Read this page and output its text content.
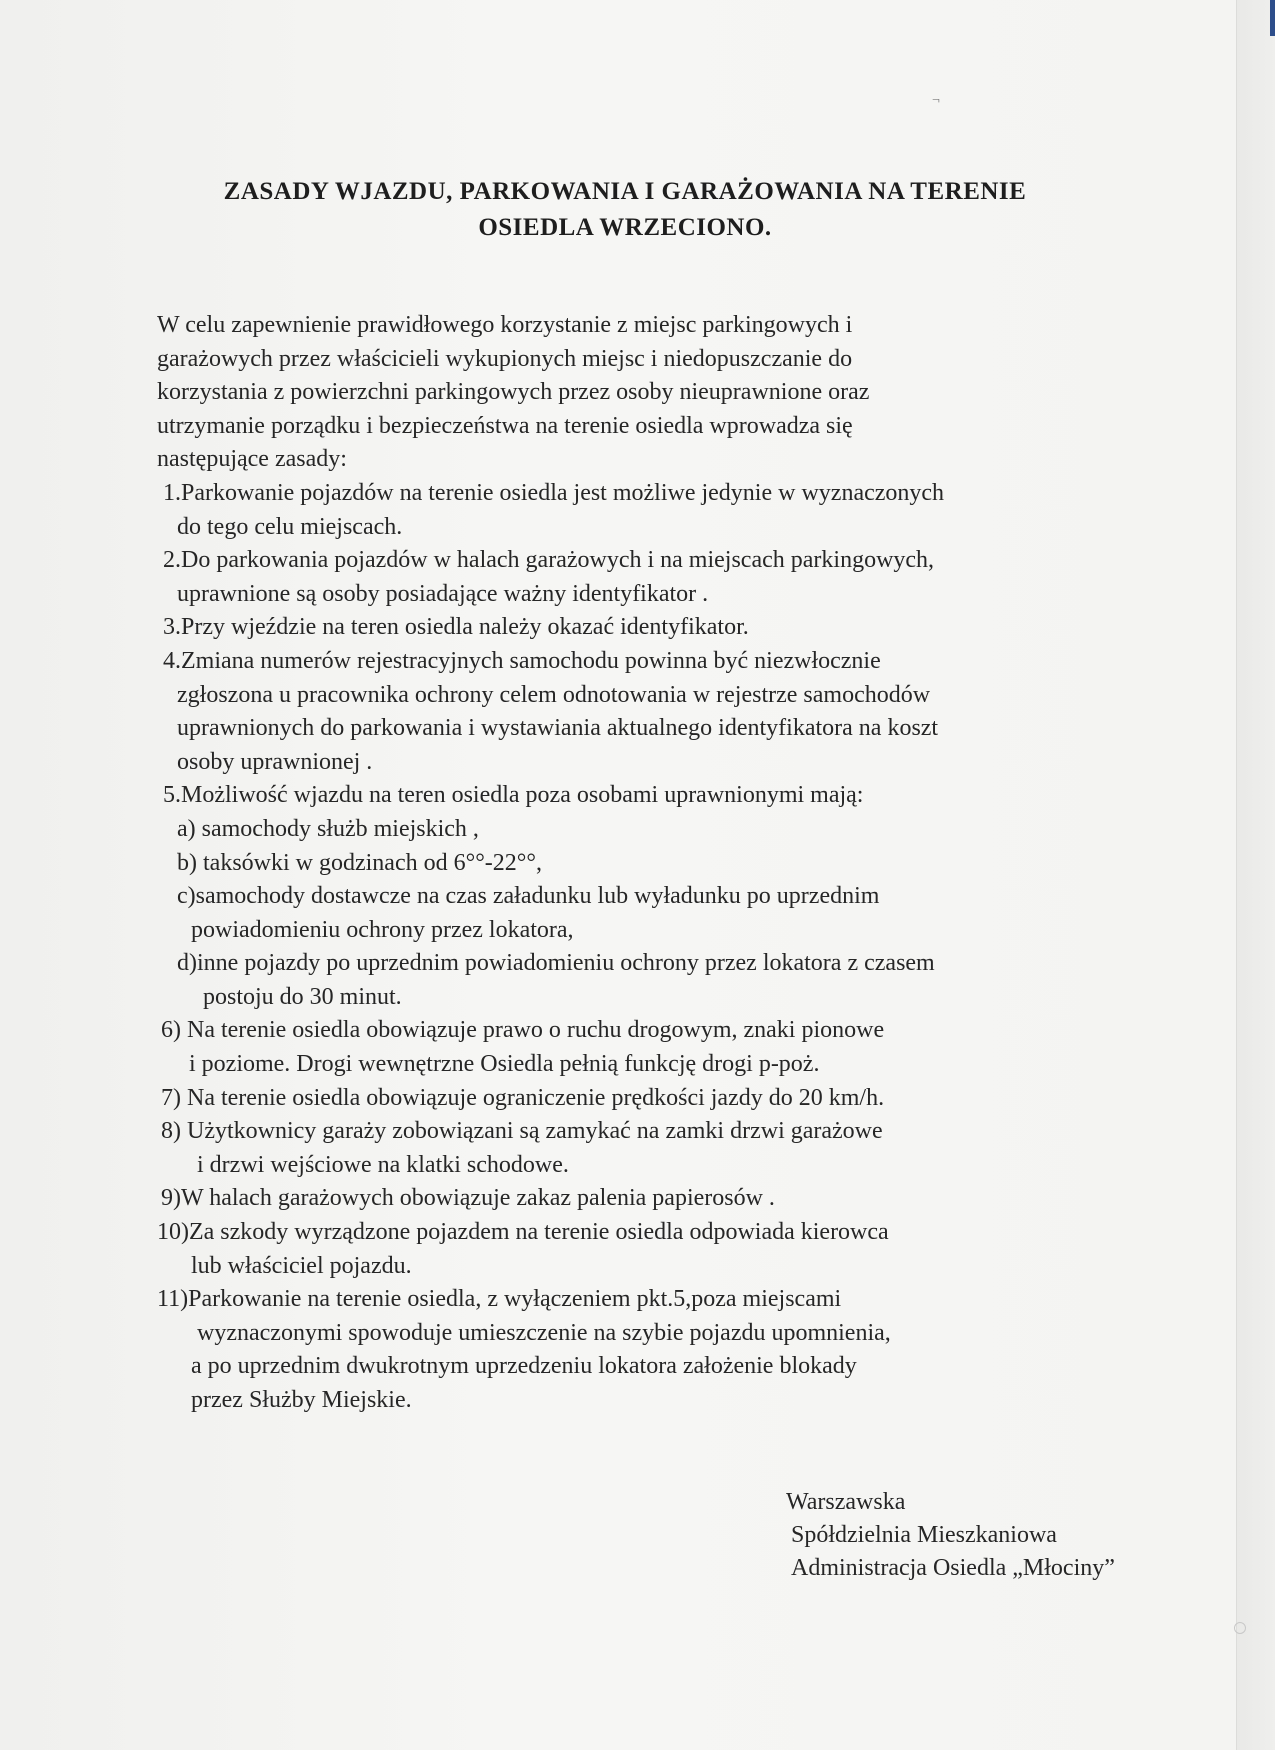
¬
ZASADY WJAZDU, PARKOWANIA I GARAŻOWANIA NA TERENIE
OSIEDLA WRZECIONO.
W celu zapewnienie prawidłowego korzystanie z miejsc parkingowych i
garażowych przez właścicieli wykupionych miejsc i niedopuszczanie do
korzystania z powierzchni parkingowych przez osoby nieuprawnione oraz
utrzymanie porządku i bezpieczeństwa na terenie osiedla wprowadza się
następujące zasady:
1.Parkowanie pojazdów na terenie osiedla jest możliwe jedynie w wyznaczonych
do tego celu miejscach.
2.Do parkowania pojazdów w halach garażowych i na miejscach parkingowych,
uprawnione są osoby posiadające ważny identyfikator .
3.Przy wjeździe na teren osiedla należy okazać identyfikator.
4.Zmiana numerów rejestracyjnych samochodu powinna być niezwłocznie
zgłoszona u pracownika ochrony celem odnotowania w rejestrze samochodów
uprawnionych do parkowania i wystawiania aktualnego identyfikatora na koszt
osoby uprawnionej .
5.Możliwość wjazdu na teren osiedla poza osobami uprawnionymi mają:
a) samochody służb miejskich ,
b) taksówki w godzinach od 6°°-22°°,
c)samochody dostawcze na czas załadunku lub wyładunku po uprzednim
powiadomieniu ochrony przez lokatora,
d)inne pojazdy po uprzednim powiadomieniu ochrony przez lokatora z czasem
postoju do 30 minut.
6) Na terenie osiedla obowiązuje prawo o ruchu drogowym, znaki pionowe
i poziome. Drogi wewnętrzne Osiedla pełnią funkcję drogi p-poż.
7) Na terenie osiedla obowiązuje ograniczenie prędkości jazdy do 20 km/h.
8) Użytkownicy garaży zobowiązani są zamykać na zamki drzwi garażowe
i drzwi wejściowe na klatki schodowe.
9)W halach garażowych obowiązuje zakaz palenia papierosów .
10)Za szkody wyrządzone pojazdem na terenie osiedla odpowiada kierowca
lub właściciel pojazdu.
11)Parkowanie na terenie osiedla, z wyłączeniem pkt.5,poza miejscami
wyznaczonymi spowoduje umieszczenie na szybie pojazdu upomnienia,
a po uprzednim dwukrotnym uprzedzeniu lokatora założenie blokady
przez Służby Miejskie.
Warszawska
Spółdzielnia Mieszkaniowa
Administracja Osiedla „Młociny”
